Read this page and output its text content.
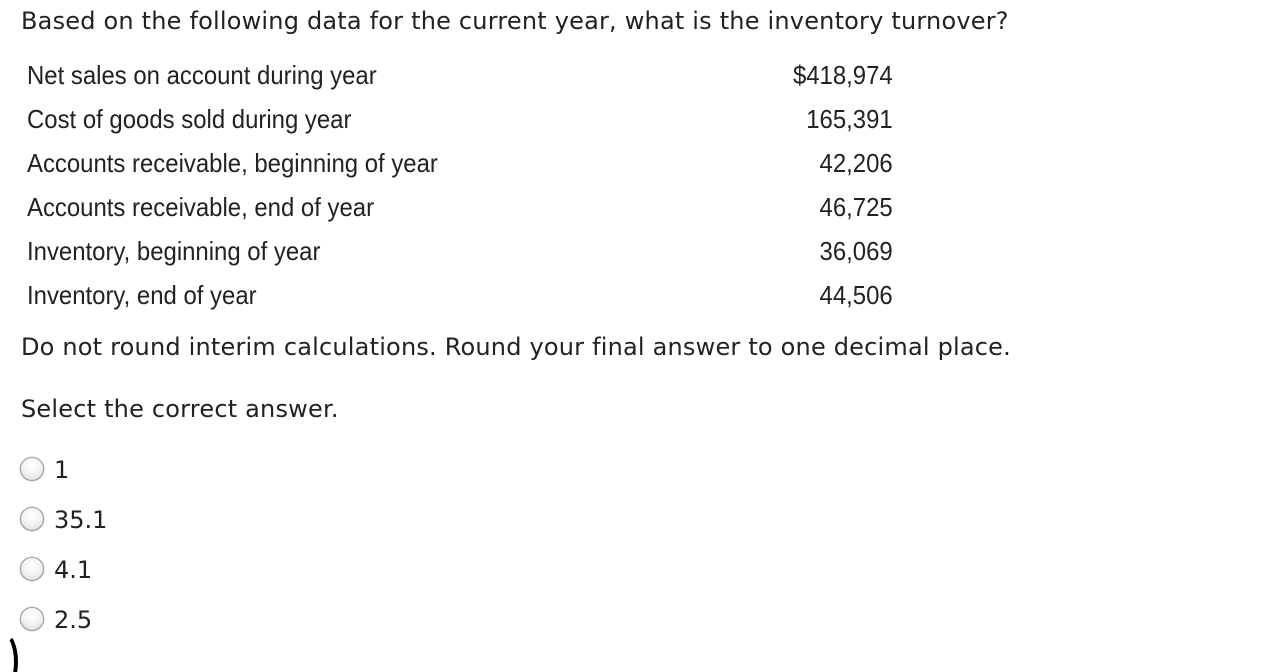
Based on the following data for the current year, what is the inventory turnover?
Net sales on account during year	$418,974
Cost of goods sold during year	165,391
Accounts receivable, beginning of year	42,206
Accounts receivable, end of year	46,725
Inventory, beginning of year	36,069
Inventory, end of year	44,506
Do not round interim calculations. Round your final answer to one decimal place.
Select the correct answer.
1
35.1
4.1
2.5
